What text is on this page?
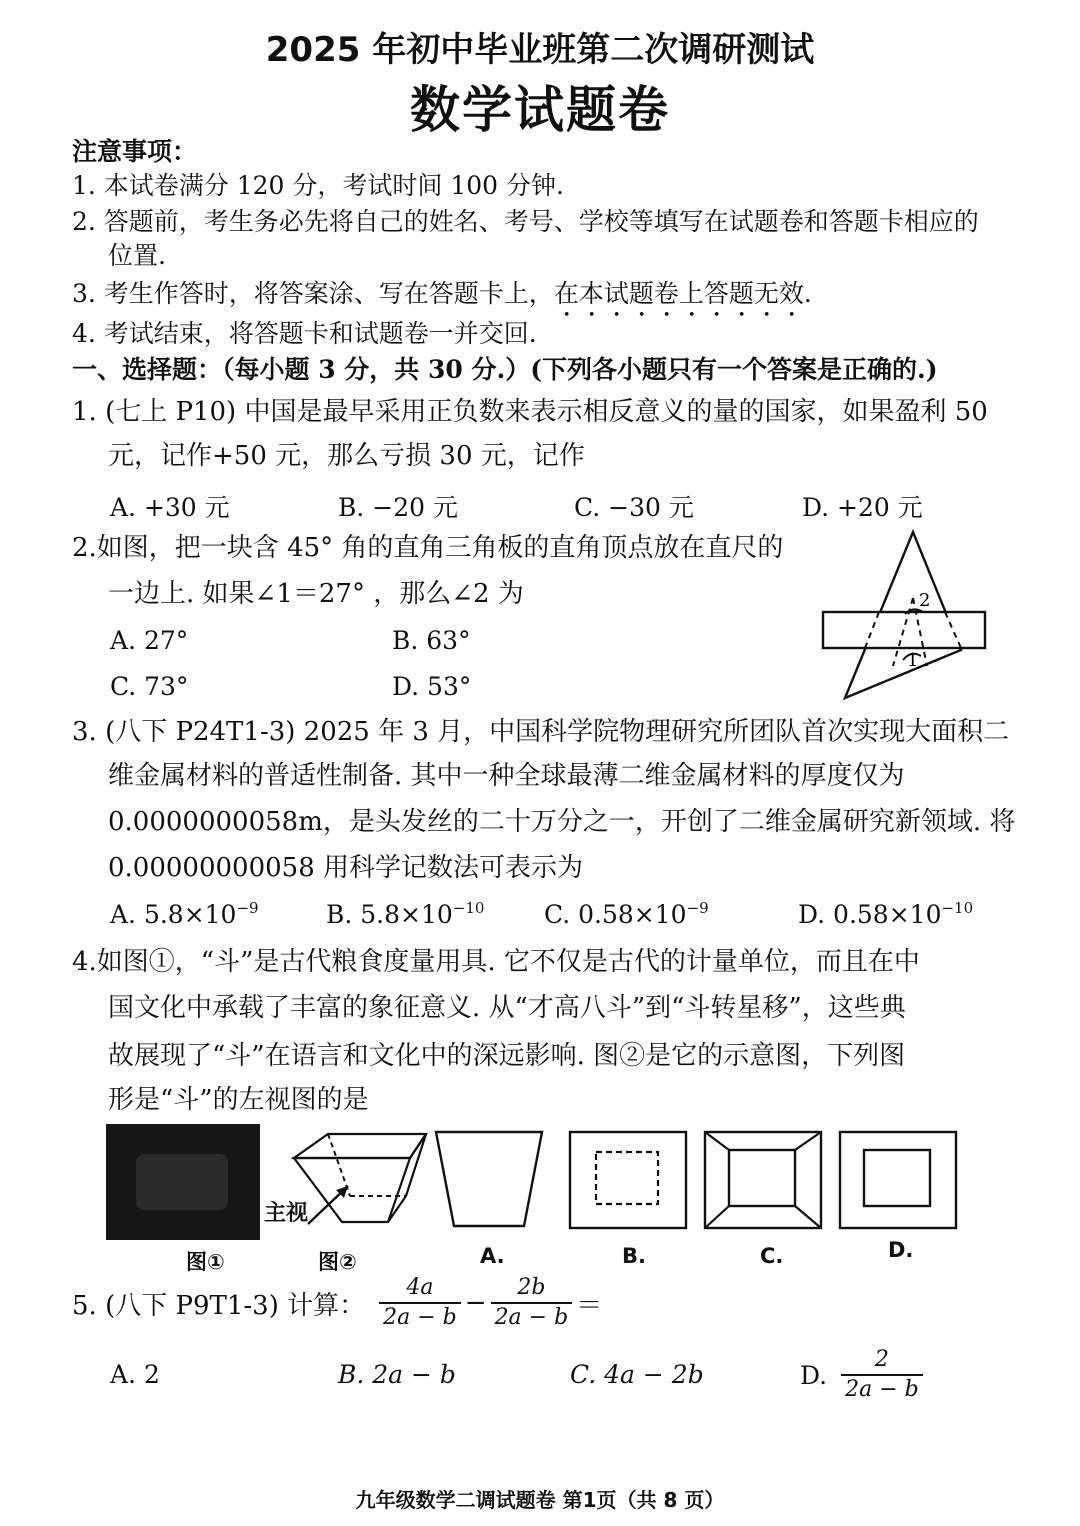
2025 年初中毕业班第二次调研测试
数学试题卷
注意事项：
1. 本试卷满分 120 分，考试时间 100 分钟.
2. 答题前，考生务必先将自己的姓名、考号、学校等填写在试题卷和答题卡相应的
位置.
3. 考生作答时，将答案涂、写在答题卡上，在本试题卷上答题无效.
4. 考试结束，将答题卡和试题卷一并交回.
一、选择题：（每小题 3 分，共 30 分.）(下列各小题只有一个答案是正确的.)
1. (七上 P10) 中国是最早采用正负数来表示相反意义的量的国家，如果盈利 50
元，记作+50 元，那么亏损 30 元，记作
A. +30 元	B. −20 元	C. −30 元	D. +20 元
2.如图，把一块含 45° 角的直角三角板的直角顶点放在直尺的
一边上. 如果∠1＝27° ，那么∠2 为
A. 27°	B. 63°
C. 73°	D. 53°
2
1
3. (八下 P24T1-3) 2025 年 3 月，中国科学院物理研究所团队首次实现大面积二
维金属材料的普适性制备. 其中一种全球最薄二维金属材料的厚度仅为
0.0000000058m，是头发丝的二十万分之一，开创了二维金属研究新领域. 将
0.00000000058 用科学记数法可表示为
A. $5.8\times 10^{-9}$	B. $5.8\times 10^{-10}$ C. $0.58\times 10^{-9}$	D. $0.58\times 10^{-10}$
4.如图①，“斗”是古代粮食度量用具. 它不仅是古代的计量单位，而且在中
国文化中承载了丰富的象征意义. 从“才高八斗”到“斗转星移”，这些典
故展现了“斗”在语言和文化中的深远影响. 图②是它的示意图，下列图
形是“斗”的左视图的是
图①
主视
图②	A.	B.	C.	D.
5. (八下 P9T1-3) 计算： $\frac{4a}{2a - b} - \frac{2b}{2a - b}$ ＝
A. 2	B. 2a − b	C. 4a − 2b	D. $\frac{2}{2a - b}$
九年级数学二调试题卷 第1页（共 8 页）
